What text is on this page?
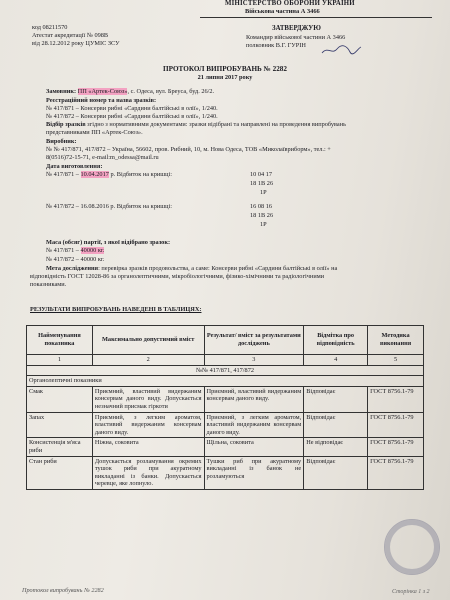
МІНІСТЕРСТВО ОБОРОНИ УКРАЇНИ
Військова частина А 3466
код 08211570
Атестат акредитації № 098В
від 28.12.2012 року ЦУМІС ЗСУ
ЗАТВЕРДЖУЮ
Командир військової частини А 3466
полковник В.Г. ГУРІН
ПРОТОКОЛ ВИПРОБУВАНЬ № 2282
21 липня 2017 року
Замовник: ПП «Артек-Союз», с. Одеса, вул. Бреуса, буд. 26/2.
Реєстраційний номер та назва зразків:
№ 417/871 – Консерви рибні «Сардини балтійські в олії», 1/240.
№ 417/872 – Консерви рибні «Сардини балтійські в олії», 1/240.
Відбір зразків згідно з нормативними документами: зразки відібрані та направлені на проведення випробувань
представниками ПП «Артек-Союз».
Виробник:
№ № 417/871, 417/872 – Україна, 56602, пров. Рибний, 10, м. Нова Одеса, ТОВ «Миколаївриборм», тел.: +
8(0516)72-15-71, e-mail:m_odessa@mail.ru
Дата виготовлення:
№ 417/871 – 10.04.2017 р. Відбиток на кришці:	10 04 17
18 1В 26
1Р
№ 417/872 – 16.08.2016 р. Відбиток на кришці:	16 08 16
18 1В 26
1Р
Маса (обсяг) партії, з якої відібрано зразок:
№ 417/871 – 40000 кг.
№ 417/872 – 40000 кг.
Мета дослідження: перевірка зразків продовольства, а саме: Консерви рибні «Сардини балтійські в олії» на
відповідність ГОСТ 12028-86 за органолептичними, мікробіологічними, фізико-хімічними та радіологічними
показниками.
РЕЗУЛЬТАТИ ВИПРОБУВАНЬ НАВЕДЕНІ В ТАБЛИЦЯХ:
Найменування показника	Максимально допустимий вміст	Результат/ вміст за результатами досліджень	Відмітка про відповідність	Методика виконання
1	2	3	4	5
№№ 417/871, 417/872				
Органолептичні показники				
Смак	Приємний, властивий видержаним консервам даного виду. Допускається незначний присмак гіркоти	Приємний, властивий видержаним консервам даного виду.	Відповідає	ГОСТ 8756.1-79
Запах	Приємний, з легким ароматом, властивий видержаним консервам даного виду.	Приємний, з легким ароматом, властивий видержаним консервам даного виду.	Відповідає	ГОСТ 8756.1-79
Консистенція м'яса риби	Ніжна, соковита	Щільна, соковита	Не відповідає	ГОСТ 8756.1-79
Стан риби	Допускається розламування окремих тушок риби при акуратному викладанні із банки. Допускається черевце, яке лопнуло.	Тушки риб при акуратному викладанні із банок не розламуються	Відповідає	ГОСТ 8756.1-79
Протокол випробувань № 2282	Сторінка 1 з 2
